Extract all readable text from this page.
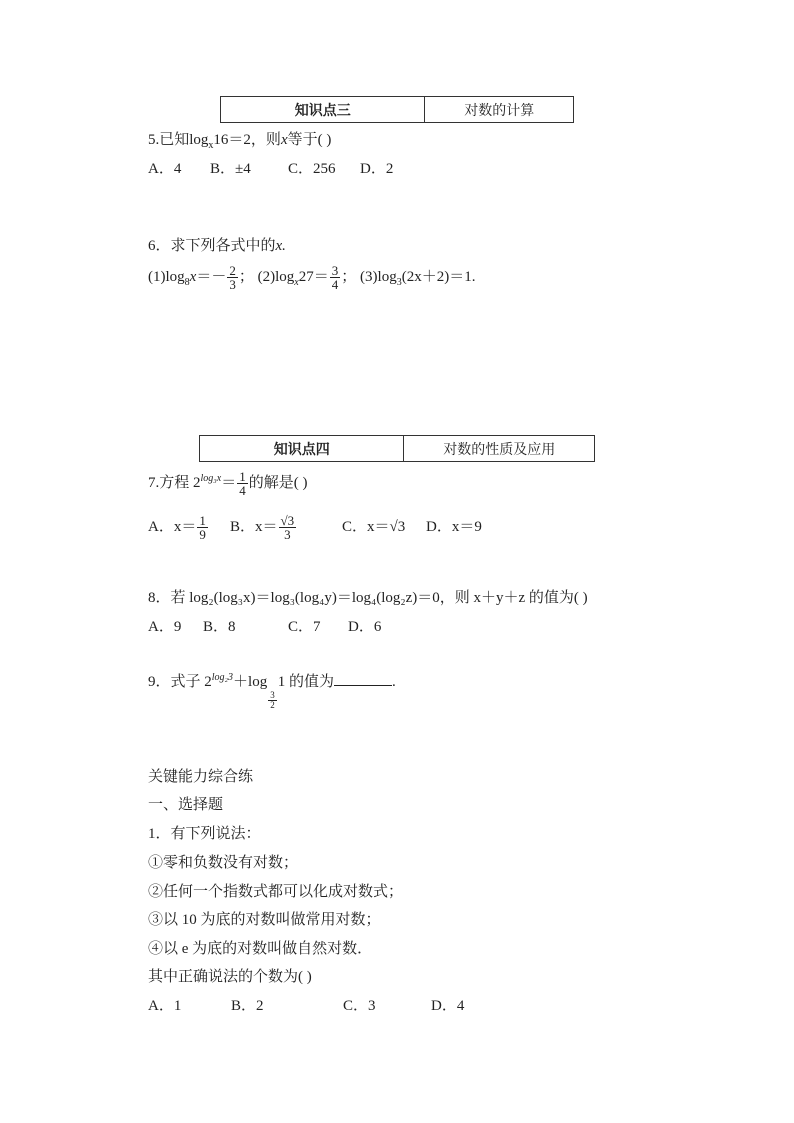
知识点三	对数的计算
5.已知$\log_x16=2$，则x等于( )
A．4 B．±4 C．256 D．2
6．求下列各式中的x.
$(1)\log_8x=- \frac{2}{3}$ ； $(2)\log_x27= \frac{3}{4}$ ； $(3)\log_3(2x+2)=1$.
知识点四	对数的性质及应用
7.方程 $2^{log_3x}= \frac{1}{4}$ 的解是( )
A．$x= \frac{1}{9}$ B．$x= \frac{√3}{3}$	C．x＝√3 D．x＝9
8．若 log₂(log₃x)＝log₃(log₄y)＝log₄(log₂z)＝0，则 x＋y＋z 的值为( )
A．9 B．8	C．7 D．6
9．式子 $2^{log_23}+\log$
$\frac{3}{2}$
1 的值为	.
关键能力综合练
一、选择题
1．有下列说法：
①零和负数没有对数；
②任何一个指数式都可以化成对数式；
③以 10 为底的对数叫做常用对数；
④以 e 为底的对数叫做自然对数．
其中正确说法的个数为( )
A．1	B．2	C．3	D．4
